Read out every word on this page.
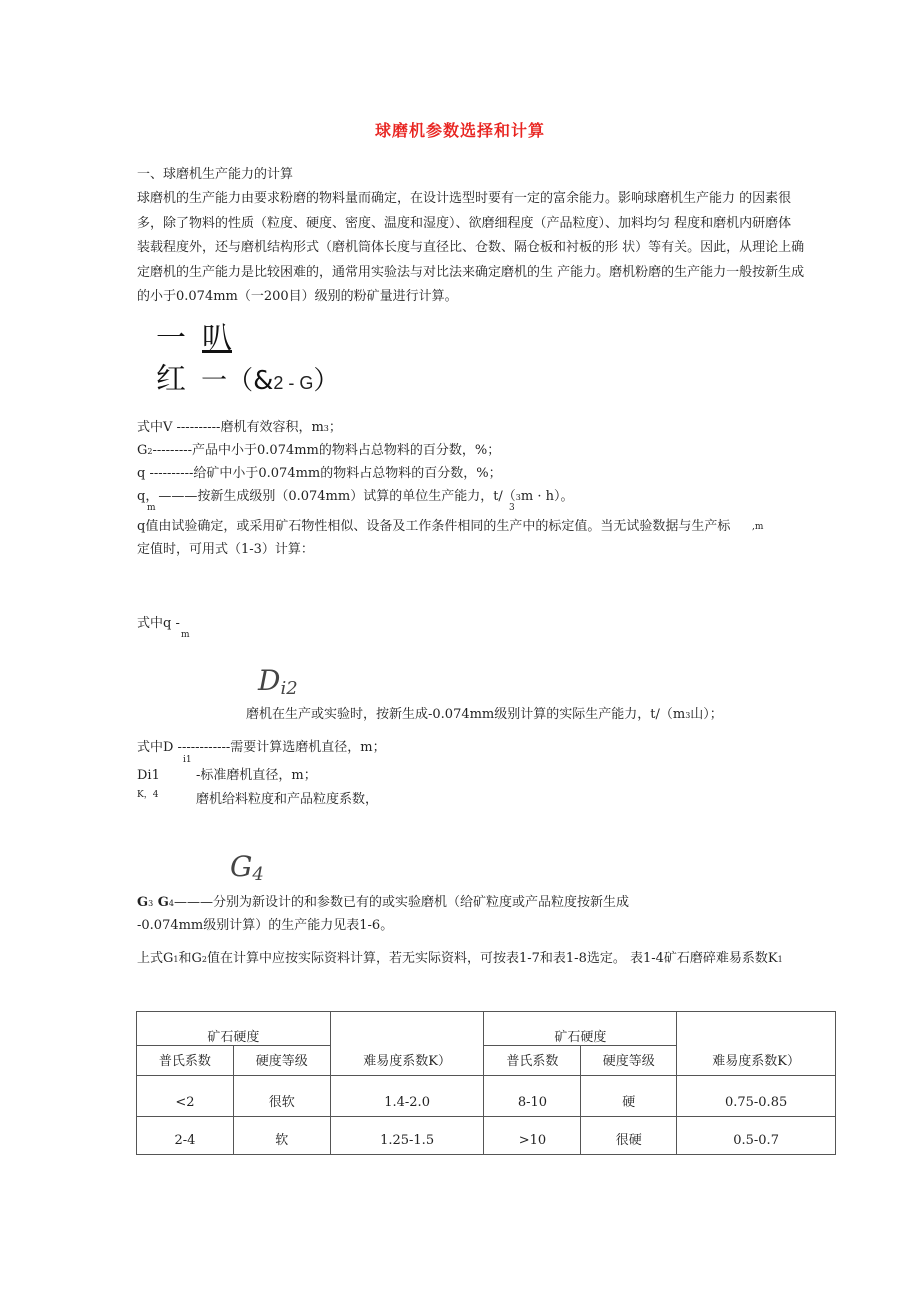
球磨机参数选择和计算
一、球磨机生产能力的计算
球磨机的生产能力由要求粉磨的物料量而确定，在设计选型时要有一定的富余能力。影响球磨机生产能力 的因素很
多，除了物料的性质（粒度、硬度、密度、温度和湿度）、欲磨细程度（产品粒度）、加料均匀 程度和磨机内研磨体
装载程度外，还与磨机结构形式（磨机筒体长度与直径比、仓数、隔仓板和衬板的形 状）等有关。因此，从理论上确
定磨机的生产能力是比较困难的，通常用实验法与对比法来确定磨机的生 产能力。磨机粉磨的生产能力一般按新生成
的小于0.074mm（一200目）级别的粉矿量进行计算。
一 叭
红 一（&2 - G）
式中V ----------磨机有效容积，m3；
G2---------产品中小于0.074mm的物料占总物料的百分数，%；
q ----------给矿中小于0.074mm的物料占总物料的百分数，%；
q，———按新生成级别（0.074mm）试算的单位生产能力，t/（3m · h）。
m	3
q值由试验确定，或采用矿石物性相似、设备及工作条件相同的生产中的标定值。当无试验数据与生产标 ,m
定值时，可用式（1-3）计算：
式中q -
m
Di2
磨机在生产或实验时，按新生成-0.074mm级别计算的实际生产能力，t/（m3山）；
式中D ------------需要计算选磨机直径，m；
i1
Di1	-标准磨机直径，m；
K，4	磨机给料粒度和产品粒度系数，
G4
G3 G4———分别为新设计的和参数已有的或实验磨机（给矿粒度或产品粒度按新生成
-0.074mm级别计算）的生产能力见表1-6。
上式G1和G2值在计算中应按实际资料计算，若无实际资料，可按表1-7和表1-8选定。 表1-4矿石磨碎难易系数K1
矿石硬度		难易度系数K）	矿石硬度		难易度系数K）
普氏系数	硬度等级		普氏系数	硬度等级	
<2	很软	1.4-2.0	8-10	硬	0.75-0.85
2-4	软	1.25-1.5	>10	很硬	0.5-0.7
